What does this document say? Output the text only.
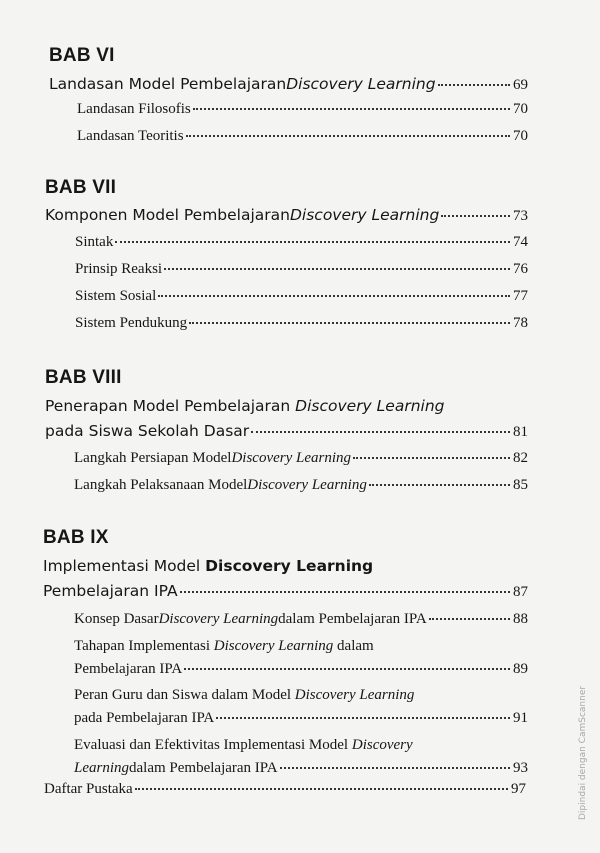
BAB VI
Landasan Model Pembelajaran Discovery Learning	69
Landasan Filosofis	70
Landasan Teoritis	70
BAB VII
Komponen Model Pembelajaran Discovery Learning	73
Sintak	74
Prinsip Reaksi	76
Sistem Sosial	77
Sistem Pendukung	78
BAB VIII
Penerapan Model Pembelajaran Discovery Learning
pada Siswa Sekolah Dasar	81
Langkah Persiapan Model Discovery Learning	82
Langkah Pelaksanaan Model Discovery Learning	85
BAB IX
Implementasi Model Discovery Learning
Pembelajaran IPA	87
Konsep Dasar Discovery Learning dalam Pembelajaran IPA	88
Tahapan Implementasi Discovery Learning dalam
Pembelajaran IPA	89
Peran Guru dan Siswa dalam Model Discovery Learning
pada Pembelajaran IPA	91
Evaluasi dan Efektivitas Implementasi Model Discovery
Learning dalam Pembelajaran IPA	93
Daftar Pustaka	97	Dipindai dengan CamScanner
